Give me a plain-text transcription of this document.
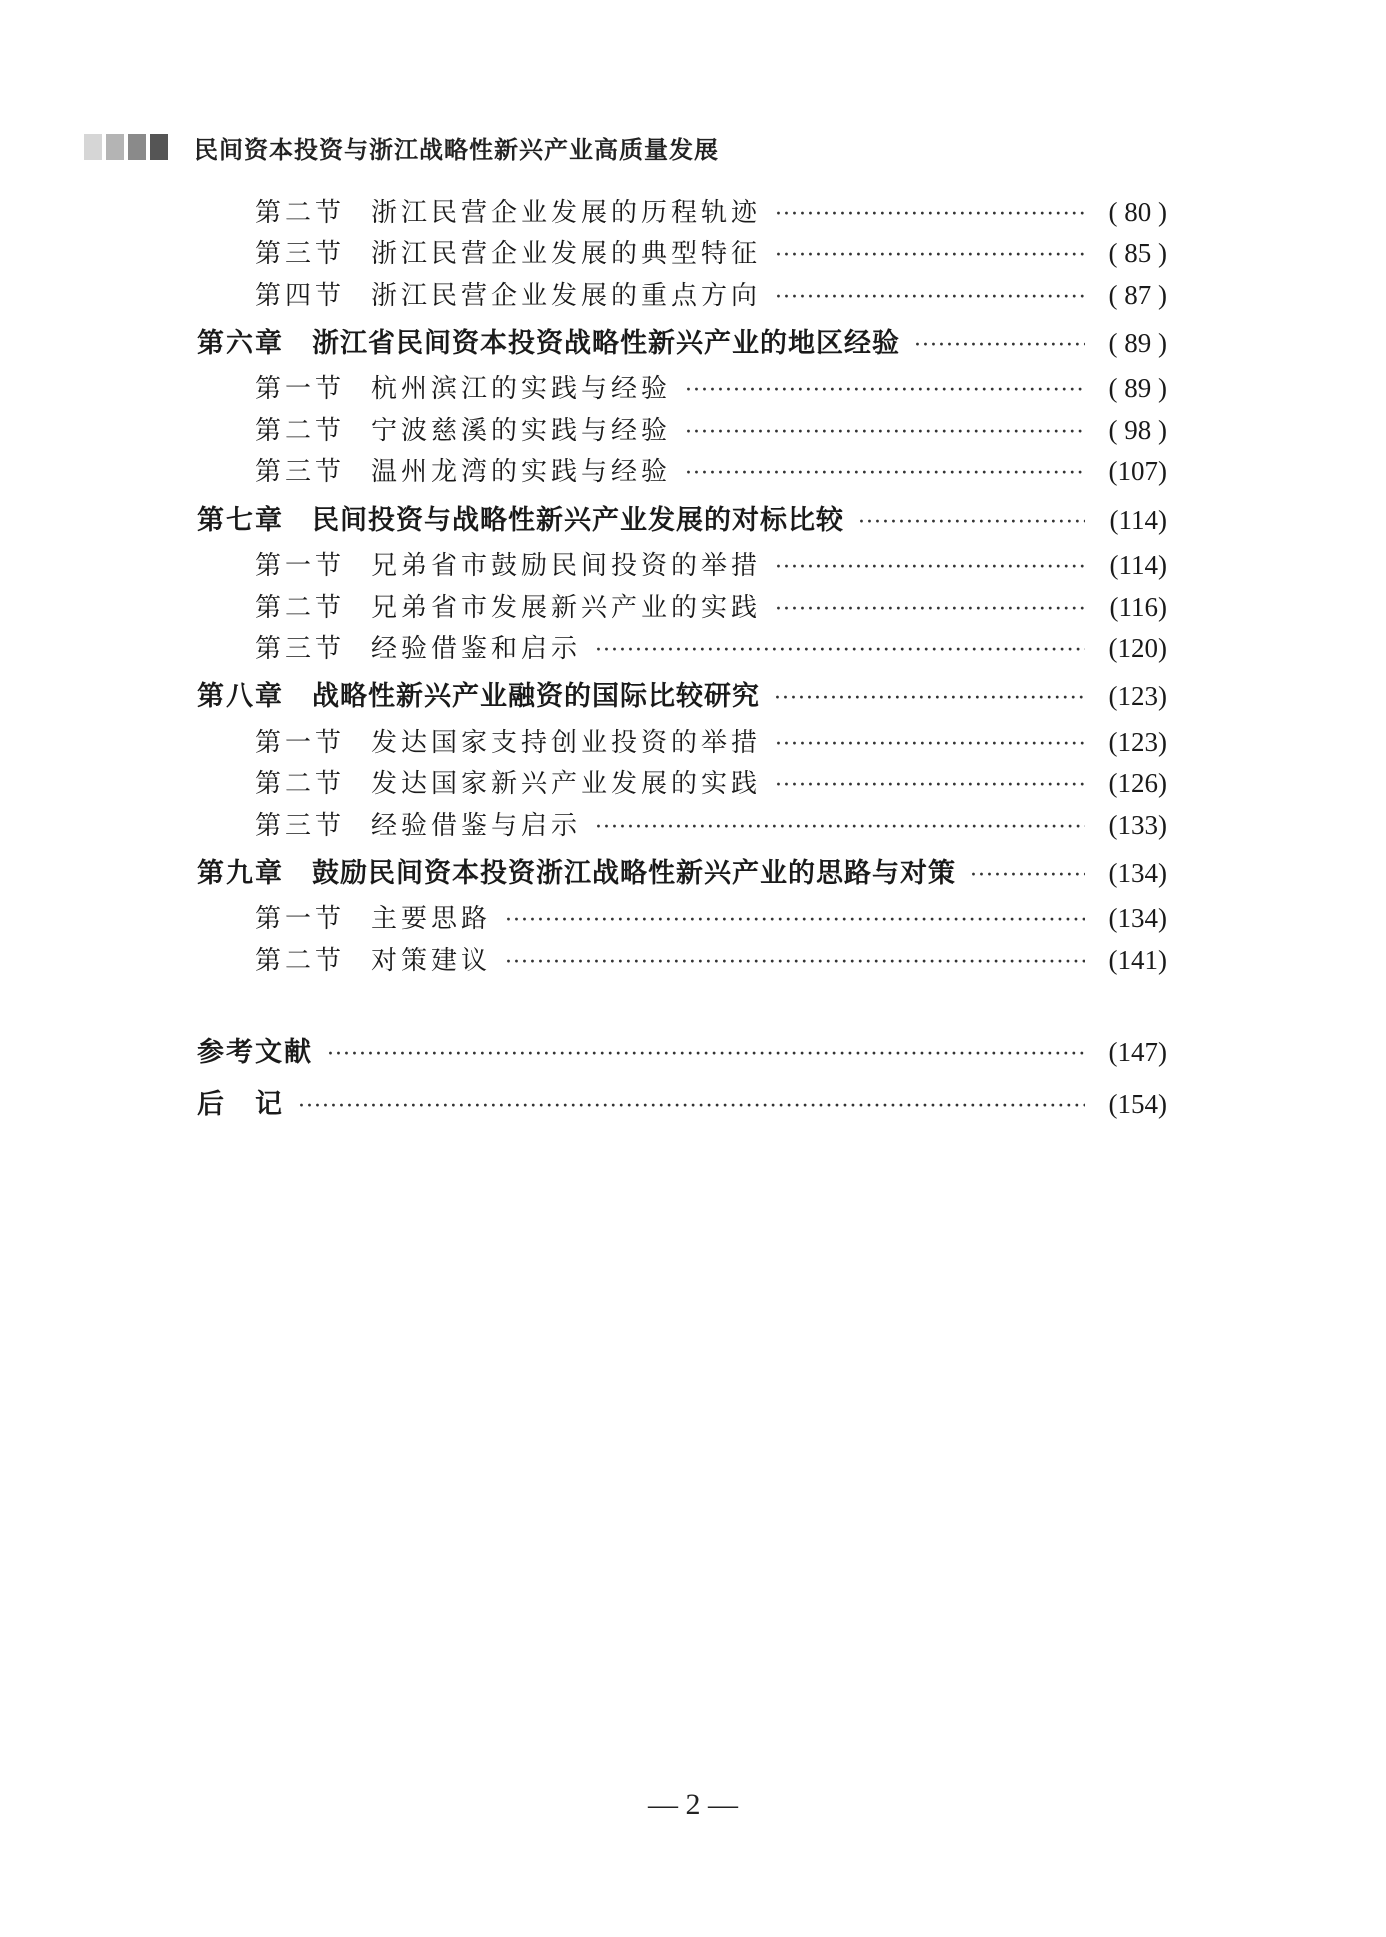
民间资本投资与浙江战略性新兴产业高质量发展
第二节 浙江民营企业发展的历程轨迹 ·····	( 80 )
第三节 浙江民营企业发展的典型特征 ·····	( 85 )
第四节 浙江民营企业发展的重点方向 ·····	( 87 )
第六章	浙江省民间资本投资战略性新兴产业的地区经验 ·····	( 89 )
第一节 杭州滨江的实践与经验 ·····	( 89 )
第二节 宁波慈溪的实践与经验 ·····	( 98 )
第三节 温州龙湾的实践与经验 ·····	(107)
第七章	民间投资与战略性新兴产业发展的对标比较 ·····	(114)
第一节 兄弟省市鼓励民间投资的举措 ·····	(114)
第二节 兄弟省市发展新兴产业的实践 ·····	(116)
第三节 经验借鉴和启示 ·····	(120)
第八章	战略性新兴产业融资的国际比较研究 ·····	(123)
第一节 发达国家支持创业投资的举措 ·····	(123)
第二节 发达国家新兴产业发展的实践 ·····	(126)
第三节 经验借鉴与启示 ·····	(133)
第九章	鼓励民间资本投资浙江战略性新兴产业的思路与对策 ·····	(134)
第一节 主要思路 ·····	(134)
第二节 对策建议 ·····	(141)
参考文献 ·····	(147)
后　记 ·····	(154)
— 2 —
